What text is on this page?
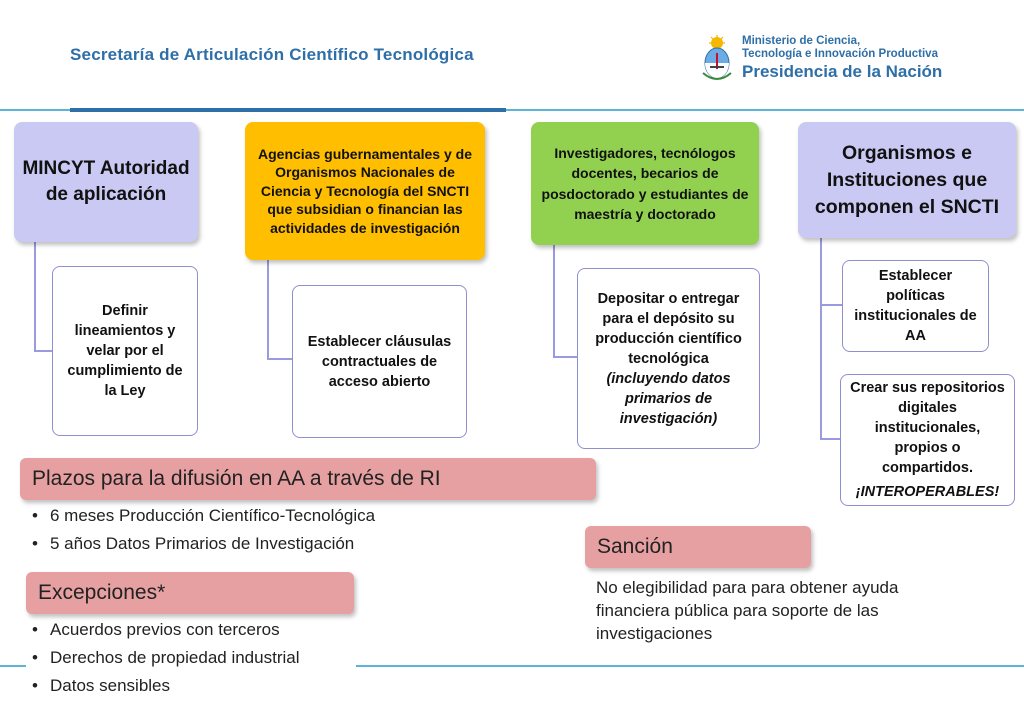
Secretaría de Articulación Científico Tecnológica
Ministerio de Ciencia,
Tecnología e Innovación Productiva
Presidencia de la Nación
MINCYT Autoridad de aplicación
Definir lineamientos y velar por el cumplimiento de la Ley
Agencias gubernamentales y de Organismos Nacionales de Ciencia y Tecnología del SNCTI que subsidian o financian las actividades de investigación
Establecer cláusulas contractuales de acceso abierto
Investigadores, tecnólogos docentes, becarios de posdoctorado y estudiantes de maestría y doctorado
Depositar o entregar para el depósito su producción científico tecnológica
(incluyendo datos primarios de investigación)
Organismos e Instituciones que componen el SNCTI
Establecer políticas institucionales de AA
Crear sus repositorios digitales institucionales, propios o compartidos.
¡INTEROPERABLES!
Plazos para la difusión en AA a través de RI
• 6 meses Producción Científico-Tecnológica
• 5 años Datos Primarios de Investigación
Excepciones*
• Acuerdos previos con terceros
• Derechos de propiedad industrial
• Datos sensibles
Sanción
No elegibilidad para para obtener ayuda financiera pública para soporte de las investigaciones
